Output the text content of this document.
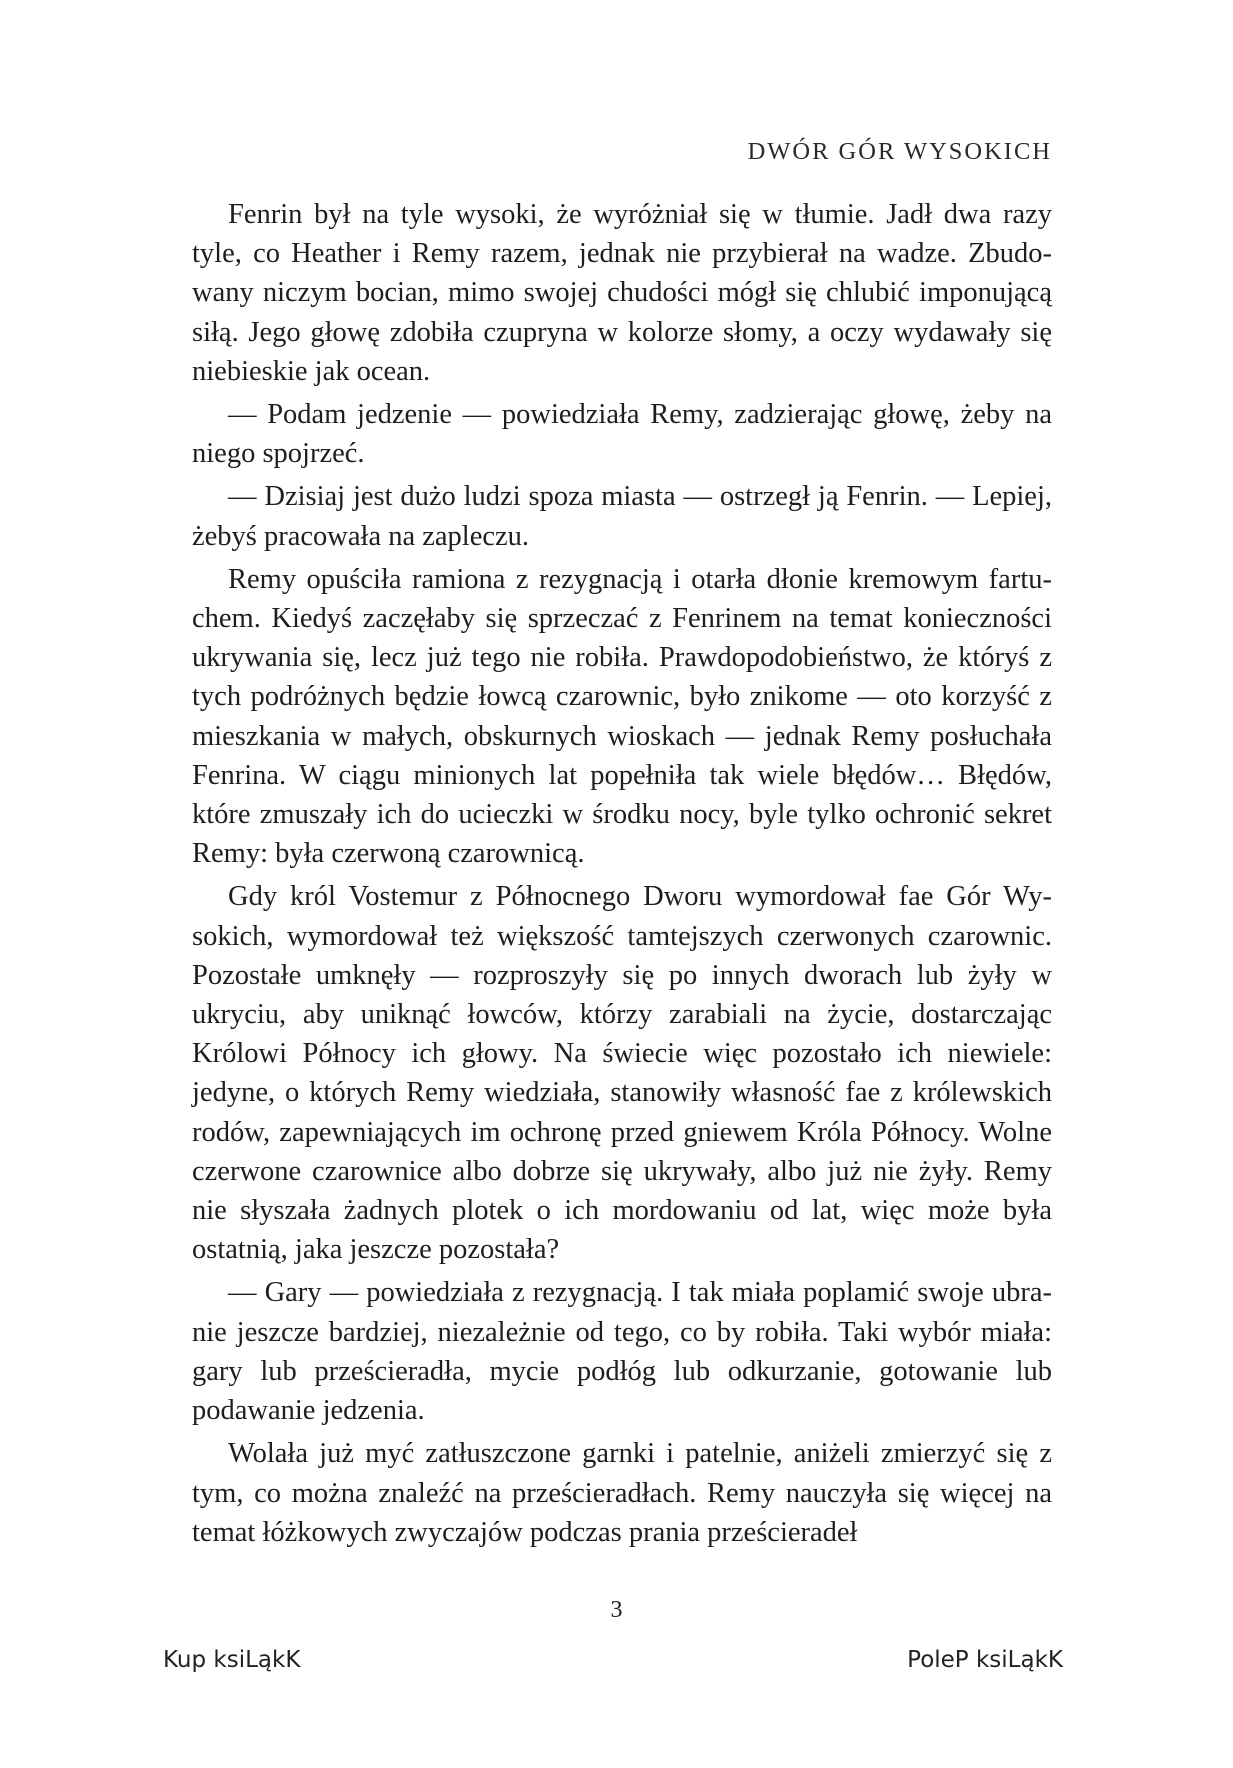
DWÓR GÓR WYSOKICH

Fenrin był na tyle wysoki, że wyróżniał się w tłumie. Jadł dwa razy tyle, co Heather i Remy razem, jednak nie przybierał na wadze. Zbudowany niczym bocian, mimo swojej chudości mógł się chlubić imponującą siłą. Jego głowę zdobiła czupryna w kolorze słomy, a oczy wydawały się niebieskie jak ocean.

— Podam jedzenie — powiedziała Remy, zadzierając głowę, żeby na niego spojrzeć.

— Dzisiaj jest dużo ludzi spoza miasta — ostrzegł ją Fenrin. — Lepiej, żebyś pracowała na zapleczu.

Remy opuściła ramiona z rezygnacją i otarła dłonie kremowym fartuchem. Kiedyś zaczęłaby się sprzeczać z Fenrinem na temat konieczności ukrywania się, lecz już tego nie robiła. Prawdopodobieństwo, że któryś z tych podróżnych będzie łowcą czarownic, było znikome — oto korzyść z mieszkania w małych, obskurnych wioskach — jednak Remy posłuchała Fenrina. W ciągu minionych lat popełniła tak wiele błędów… Błędów, które zmuszały ich do ucieczki w środku nocy, byle tylko ochronić sekret Remy: była czerwoną czarownicą.

Gdy król Vostemur z Północnego Dworu wymordował fae Gór Wysokich, wymordował też większość tamtejszych czerwonych czarownic. Pozostałe umknęły — rozproszyły się po innych dworach lub żyły w ukryciu, aby uniknąć łowców, którzy zarabiali na życie, dostarczając Królowi Północy ich głowy. Na świecie więc pozostało ich niewiele: jedyne, o których Remy wiedziała, stanowiły własność fae z królewskich rodów, zapewniających im ochronę przed gniewem Króla Północy. Wolne czerwone czarownice albo dobrze się ukrywały, albo już nie żyły. Remy nie słyszała żadnych plotek o ich mordowaniu od lat, więc może była ostatnią, jaka jeszcze pozostała?

— Gary — powiedziała z rezygnacją. I tak miała poplamić swoje ubranie jeszcze bardziej, niezależnie od tego, co by robiła. Taki wybór miała: gary lub prześcieradła, mycie podłóg lub odkurzanie, gotowanie lub podawanie jedzenia.

Wolała już myć zatłuszczone garnki i patelnie, aniżeli zmierzyć się z tym, co można znaleźć na prześcieradłach. Remy nauczyła się więcej na temat łóżkowych zwyczajów podczas prania prześcieradeł

3
Kup ksiLąkK	PoleP ksiLąkK
